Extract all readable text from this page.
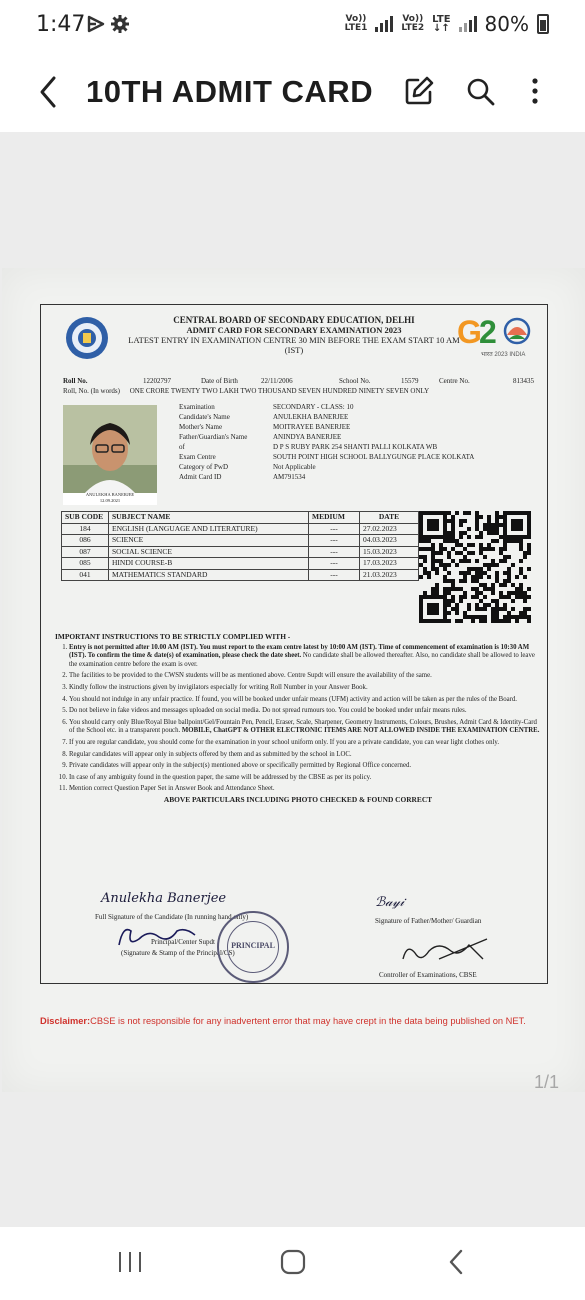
1:47	Vo))
LTE1
Vo))
LTE2
LTE
↓↑ 80%
10TH ADMIT CARD
CENTRAL BOARD OF SECONDARY EDUCATION, DELHI
ADMIT CARD FOR SECONDARY EXAMINATION 2023
LATEST ENTRY IN EXAMINATION CENTRE 30 MIN BEFORE THE EXAM START 10 AM
(IST)	G
2
भारत 2023 INDIA
Roll No.	12202797	Date of Birth	22/11/2006	School No.	15579	Centre No.	813435
Roll, No. (In words) ONE CRORE TWENTY TWO LAKH TWO THOUSAND SEVEN HUNDRED NINETY SEVEN ONLY
ANULEKHA BANERJEE
12.09.2021
Examination	SECONDARY - CLASS: 10
Candidate's Name	ANULEKHA BANERJEE
Mother's Name	MOITRAYEE BANERJEE
Father/Guardian's Name	ANINDYA BANERJEE
of	D P S RUBY PARK 254 SHANTI PALLI KOLKATA WB
Exam Centre	SOUTH POINT HIGH SCHOOL BALLYGUNGE PLACE KOLKATA
Category of PwD	Not Applicable
Admit Card ID	AM791534
SUB CODE	SUBJECT NAME	MEDIUM	DATE
184	ENGLISH (LANGUAGE AND LITERATURE)	---	27.02.2023
086	SCIENCE	---	04.03.2023
087	SOCIAL SCIENCE	---	15.03.2023
085	HINDI COURSE-B	---	17.03.2023
041	MATHEMATICS STANDARD	---	21.03.2023
IMPORTANT INSTRUCTIONS TO BE STRICTLY COMPLIED WITH -
1. Entry is not permitted after 10.00 AM (IST). You must report to the exam centre latest by 10:00 AM (IST). Time of commencement of examination is 10:30 AM (IST). To confirm the time & date(s) of examination, please check the date sheet. No candidate shall be allowed thereafter. Also, no candidate shall be allowed to leave the examination centre before the exam is over.
2. The facilities to be provided to the CWSN students will be as mentioned above. Centre Supdt will ensure the availability of the same.
3. Kindly follow the instructions given by invigilators especially for writing Roll Number in your Answer Book.
4. You should not indulge in any unfair practice. If found, you will be booked under unfair means (UFM) activity and action will be taken as per the rules of the Board.
5. Do not believe in fake videos and messages uploaded on social media. Do not spread rumours too. You could be booked under unfair means rules.
6. You should carry only Blue/Royal Blue ballpoint/Gel/Fountain Pen, Pencil, Eraser, Scale, Sharpener, Geometry Instruments, Colours, Brushes, Admit Card & Identity-Card of the School etc. in a transparent pouch. MOBILE, ChatGPT & OTHER ELECTRONIC ITEMS ARE NOT ALLOWED INSIDE THE EXAMINATION CENTRE.
7. If you are regular candidate, you should come for the examination in your school uniform only. If you are a private candidate, you can wear light clothes only.
8. Regular candidates will appear only in subjects offered by them and as submitted by the school in LOC.
9. Private candidates will appear only in the subject(s) mentioned above or specifically permitted by Regional Office concerned.
10. In case of any ambiguity found in the question paper, the same will be addressed by the CBSE as per its policy.
11. Mention correct Question Paper Set in Answer Book and Attendance Sheet.
ABOVE PARTICULARS INCLUDING PHOTO CHECKED & FOUND CORRECT
Anulekha Banerjee
Full Signature of the Candidate (In running hand only)
ℬ𝒶𝓎𝒾
Signature of Father/Mother/ Guardian
Principal/Center Supdt
(Signature & Stamp of the Principal/CS)
PRINCIPAL
Controller of Examinations, CBSE
Disclaimer:CBSE is not responsible for any inadvertent error that may have crept in the data being published on NET.
1/1
